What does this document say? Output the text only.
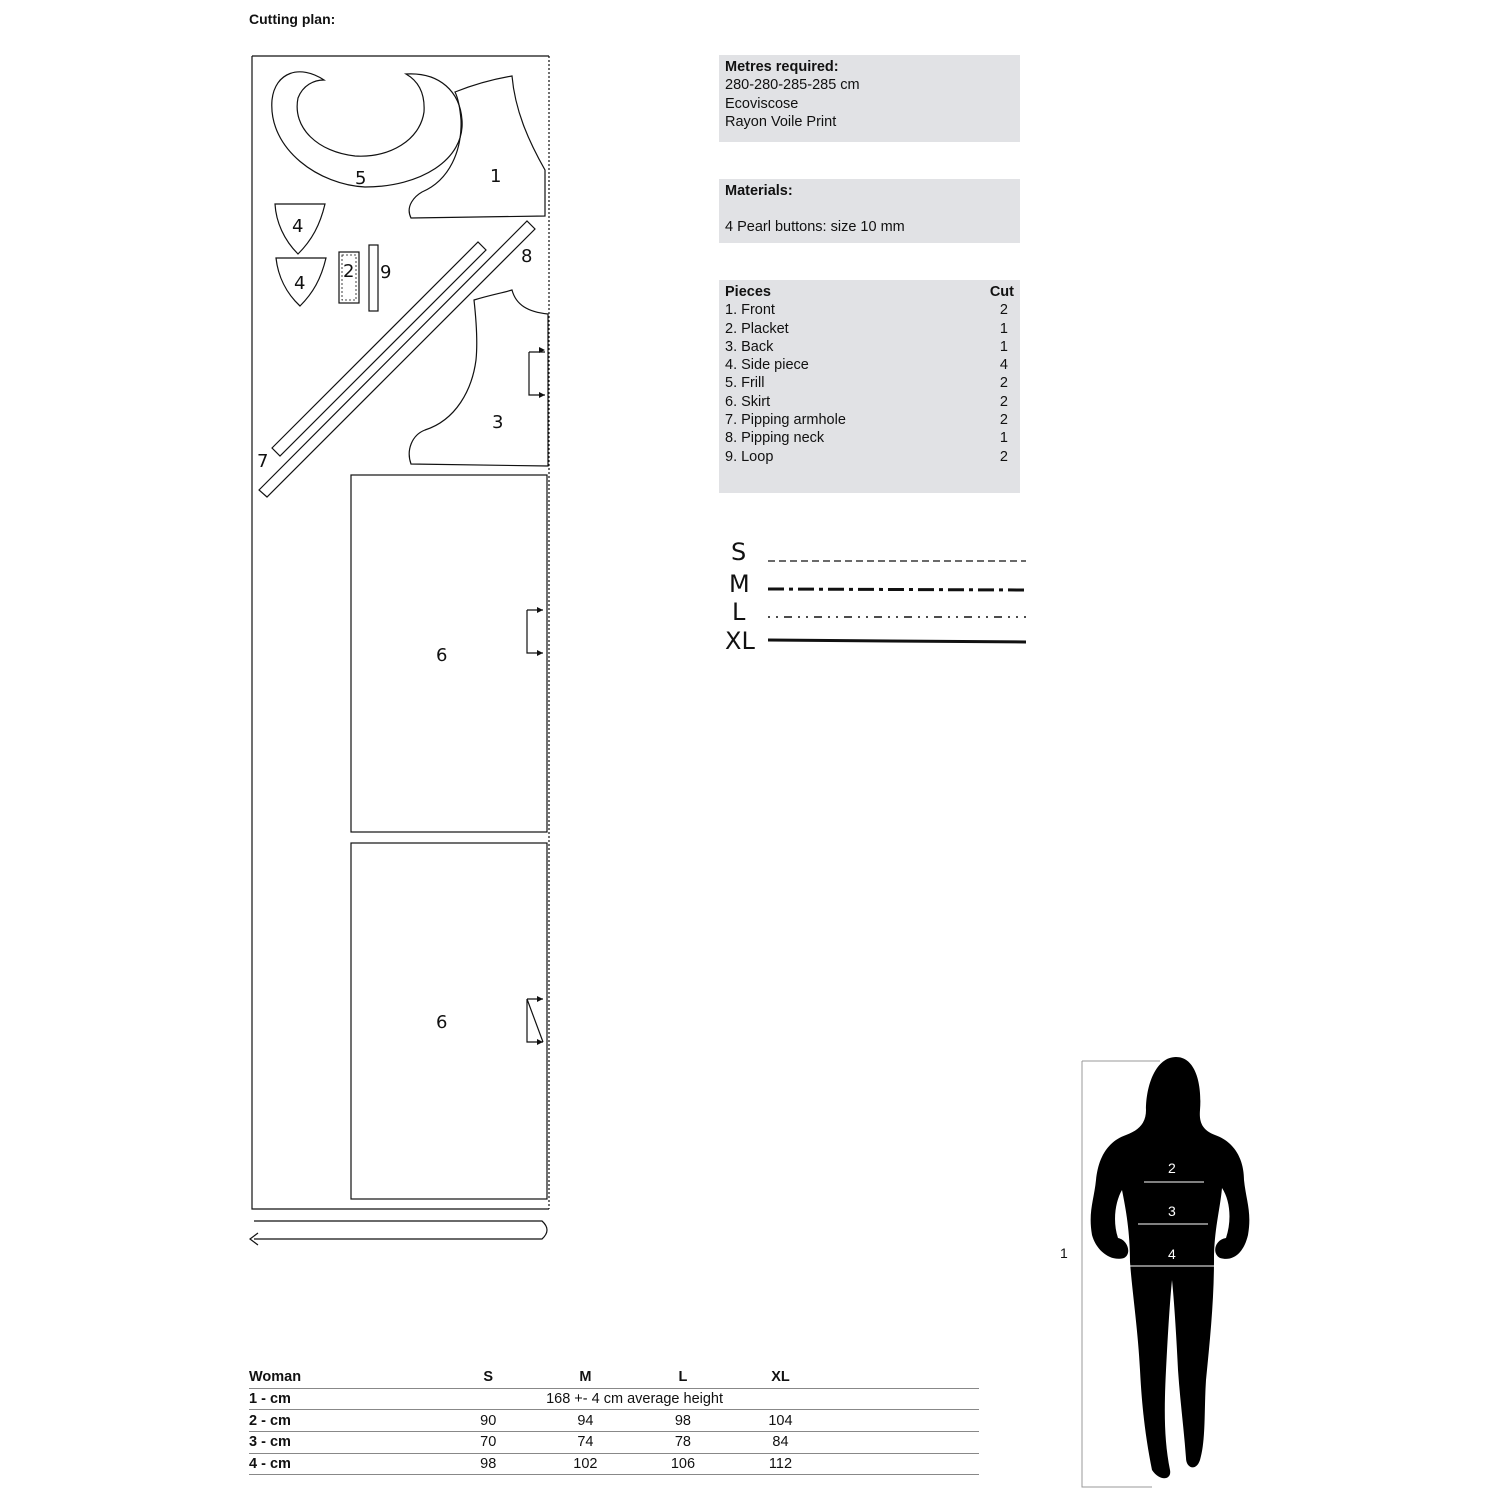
Cutting plan:
5	1
4
4
2 9
8
3
7
6
6
1
2
3
4
Metres required:
280-280-285-285 cm
Ecoviscose
Rayon Voile Print
Materials:
4 Pearl buttons: size 10 mm
Pieces	Cut
1. Front	2
2. Placket	1
3. Back	1
4. Side piece	4
5. Frill	2
6. Skirt	2
7. Pipping armhole	2
8. Pipping neck	1
9. Loop	2
S
M
L
XL
Woman	S	M	L	XL	
1 - cm	168 +- 4 cm average height				
2 - cm	90	94	98	104	
3 - cm	70	74	78	84	
4 - cm	98	102	106	112	
